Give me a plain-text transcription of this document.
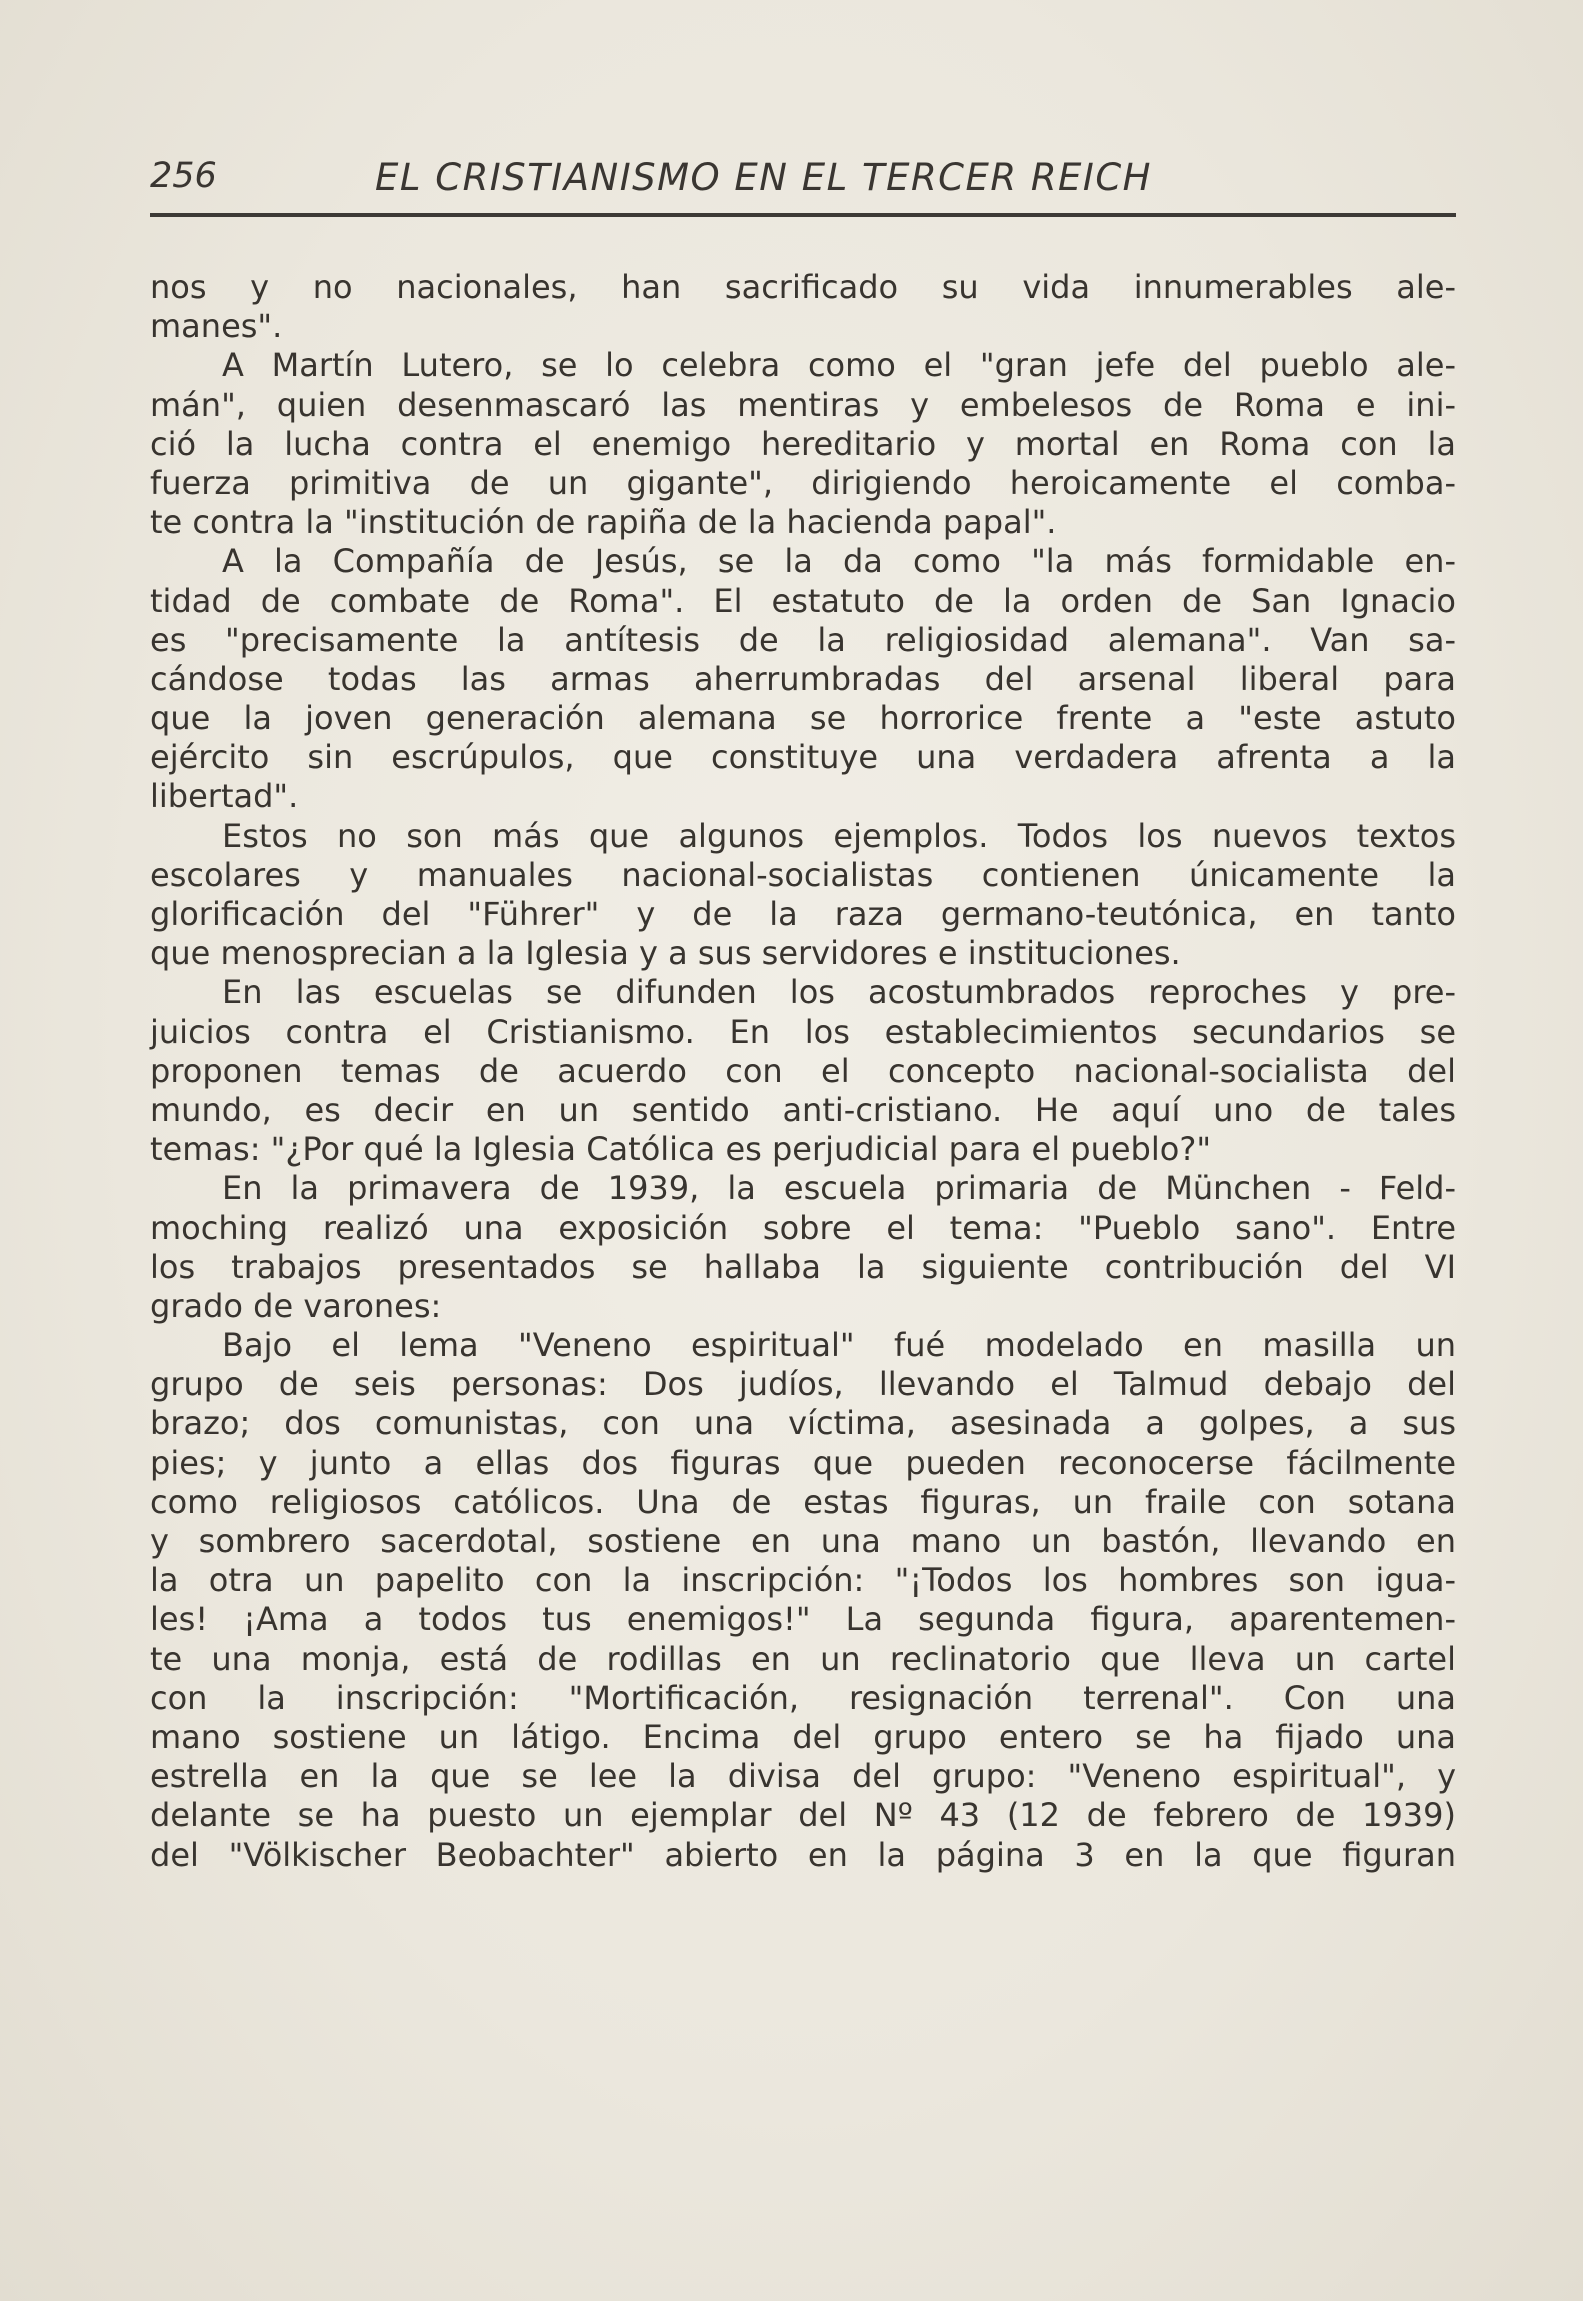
256	EL CRISTIANISMO EN EL TERCER REICH
nos y no nacionales, han sacrificado su vida innumerables ale-
manes".
A Martín Lutero, se lo celebra como el "gran jefe del pueblo ale-
mán", quien desenmascaró las mentiras y embelesos de Roma e ini-
ció la lucha contra el enemigo hereditario y mortal en Roma con la
fuerza primitiva de un gigante", dirigiendo heroicamente el comba-
te contra la "institución de rapiña de la hacienda papal".
A la Compañía de Jesús, se la da como "la más formidable en-
tidad de combate de Roma". El estatuto de la orden de San Ignacio
es "precisamente la antítesis de la religiosidad alemana". Van sa-
cándose todas las armas aherrumbradas del arsenal liberal para
que la joven generación alemana se horrorice frente a "este astuto
ejército sin escrúpulos, que constituye una verdadera afrenta a la
libertad".
Estos no son más que algunos ejemplos. Todos los nuevos textos
escolares y manuales nacional-socialistas contienen únicamente la
glorificación del "Führer" y de la raza germano-teutónica, en tanto
que menosprecian a la Iglesia y a sus servidores e instituciones.
En las escuelas se difunden los acostumbrados reproches y pre-
juicios contra el Cristianismo. En los establecimientos secundarios se
proponen temas de acuerdo con el concepto nacional-socialista del
mundo, es decir en un sentido anti-cristiano. He aquí uno de tales
temas: "¿Por qué la Iglesia Católica es perjudicial para el pueblo?"
En la primavera de 1939, la escuela primaria de München - Feld-
moching realizó una exposición sobre el tema: "Pueblo sano". Entre
los trabajos presentados se hallaba la siguiente contribución del VI
grado de varones:
Bajo el lema "Veneno espiritual" fué modelado en masilla un
grupo de seis personas: Dos judíos, llevando el Talmud debajo del
brazo; dos comunistas, con una víctima, asesinada a golpes, a sus
pies; y junto a ellas dos figuras que pueden reconocerse fácilmente
como religiosos católicos. Una de estas figuras, un fraile con sotana
y sombrero sacerdotal, sostiene en una mano un bastón, llevando en
la otra un papelito con la inscripción: "¡Todos los hombres son igua-
les! ¡Ama a todos tus enemigos!" La segunda figura, aparentemen-
te una monja, está de rodillas en un reclinatorio que lleva un cartel
con la inscripción: "Mortificación, resignación terrenal". Con una
mano sostiene un látigo. Encima del grupo entero se ha fijado una
estrella en la que se lee la divisa del grupo: "Veneno espiritual", y
delante se ha puesto un ejemplar del Nº 43 (12 de febrero de 1939)
del "Völkischer Beobachter" abierto en la página 3 en la que figuran
